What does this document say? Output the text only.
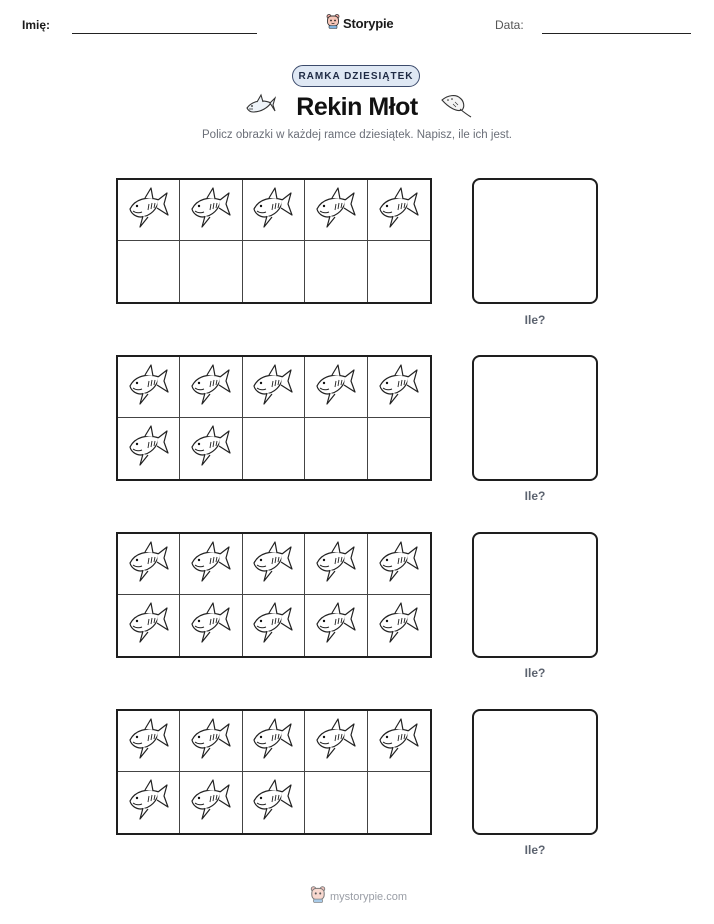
Imię:	Storypie	Data:
RAMKA DZIESIĄTEK
Rekin Młot
Policz obrazki w każdej ramce dziesiątek. Napisz, ile ich jest.
Ile?
Ile?
Ile?
Ile?
mystorypie.com
